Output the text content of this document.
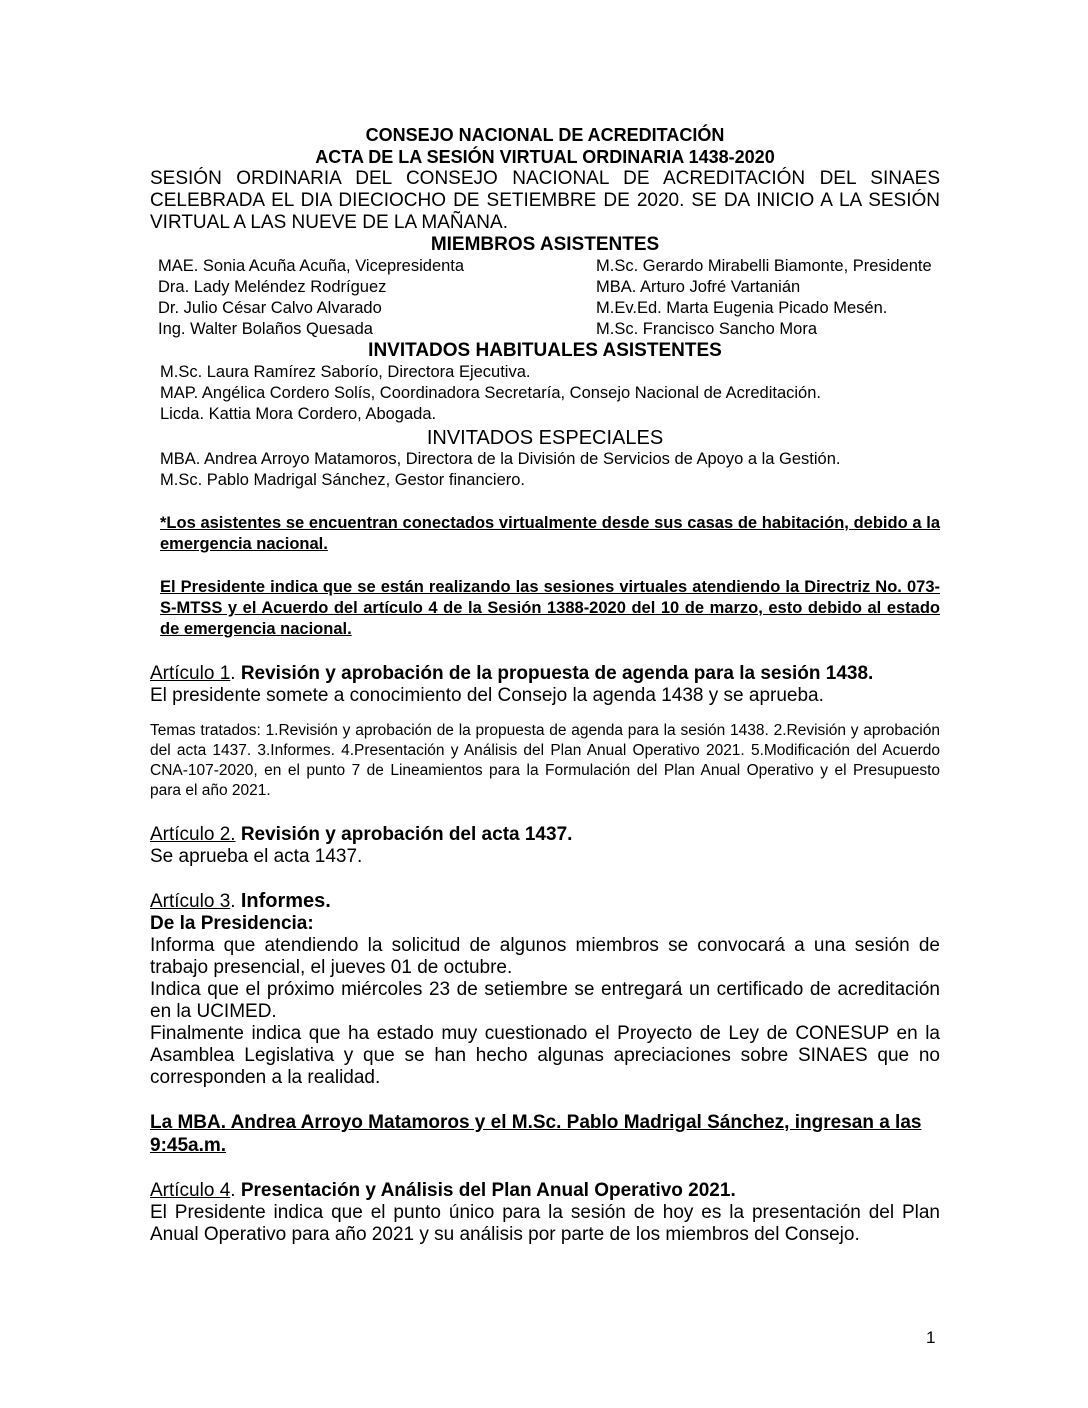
CONSEJO NACIONAL DE ACREDITACIÓN
ACTA DE LA SESIÓN VIRTUAL ORDINARIA 1438-2020
SESIÓN ORDINARIA DEL CONSEJO NACIONAL DE ACREDITACIÓN DEL SINAES CELEBRADA EL DIA DIECIOCHO DE SETIEMBRE DE 2020. SE DA INICIO A LA SESIÓN VIRTUAL A LAS NUEVE DE LA MAÑANA.
MIEMBROS ASISTENTES
MAE. Sonia Acuña Acuña, Vicepresidenta	M.Sc. Gerardo Mirabelli Biamonte, Presidente
Dra. Lady Meléndez Rodríguez	MBA. Arturo Jofré Vartanián
Dr. Julio César Calvo Alvarado	M.Ev.Ed. Marta Eugenia Picado Mesén.
Ing. Walter Bolaños Quesada	M.Sc. Francisco Sancho Mora
INVITADOS HABITUALES ASISTENTES
M.Sc. Laura Ramírez Saborío, Directora Ejecutiva.
MAP. Angélica Cordero Solís, Coordinadora Secretaría, Consejo Nacional de Acreditación.
Licda. Kattia Mora Cordero, Abogada.
INVITADOS ESPECIALES
MBA. Andrea Arroyo Matamoros, Directora de la División de Servicios de Apoyo a la Gestión.
M.Sc. Pablo Madrigal Sánchez, Gestor financiero.
*Los asistentes se encuentran conectados virtualmente desde sus casas de habitación, debido a la emergencia nacional.
El Presidente indica que se están realizando las sesiones virtuales atendiendo la Directriz No. 073-S-MTSS y el Acuerdo del artículo 4 de la Sesión 1388-2020 del 10 de marzo, esto debido al estado de emergencia nacional.
Artículo 1. Revisión y aprobación de la propuesta de agenda para la sesión 1438.
El presidente somete a conocimiento del Consejo la agenda 1438 y se aprueba.
Temas tratados: 1.Revisión y aprobación de la propuesta de agenda para la sesión 1438. 2.Revisión y aprobación del acta 1437. 3.Informes. 4.Presentación y Análisis del Plan Anual Operativo 2021. 5.Modificación del Acuerdo CNA-107-2020, en el punto 7 de Lineamientos para la Formulación del Plan Anual Operativo y el Presupuesto para el año 2021.
Artículo 2. Revisión y aprobación del acta 1437.
Se aprueba el acta 1437.
Artículo 3. Informes.
De la Presidencia:
Informa que atendiendo la solicitud de algunos miembros se convocará a una sesión de trabajo presencial, el jueves 01 de octubre.
Indica que el próximo miércoles 23 de setiembre se entregará un certificado de acreditación en la UCIMED.
Finalmente indica que ha estado muy cuestionado el Proyecto de Ley de CONESUP en la Asamblea Legislativa y que se han hecho algunas apreciaciones sobre SINAES que no corresponden a la realidad.
La MBA. Andrea Arroyo Matamoros y el M.Sc. Pablo Madrigal Sánchez, ingresan a las 9:45a.m.
Artículo 4. Presentación y Análisis del Plan Anual Operativo 2021.
El Presidente indica que el punto único para la sesión de hoy es la presentación del Plan Anual Operativo para año 2021 y su análisis por parte de los miembros del Consejo.
1
